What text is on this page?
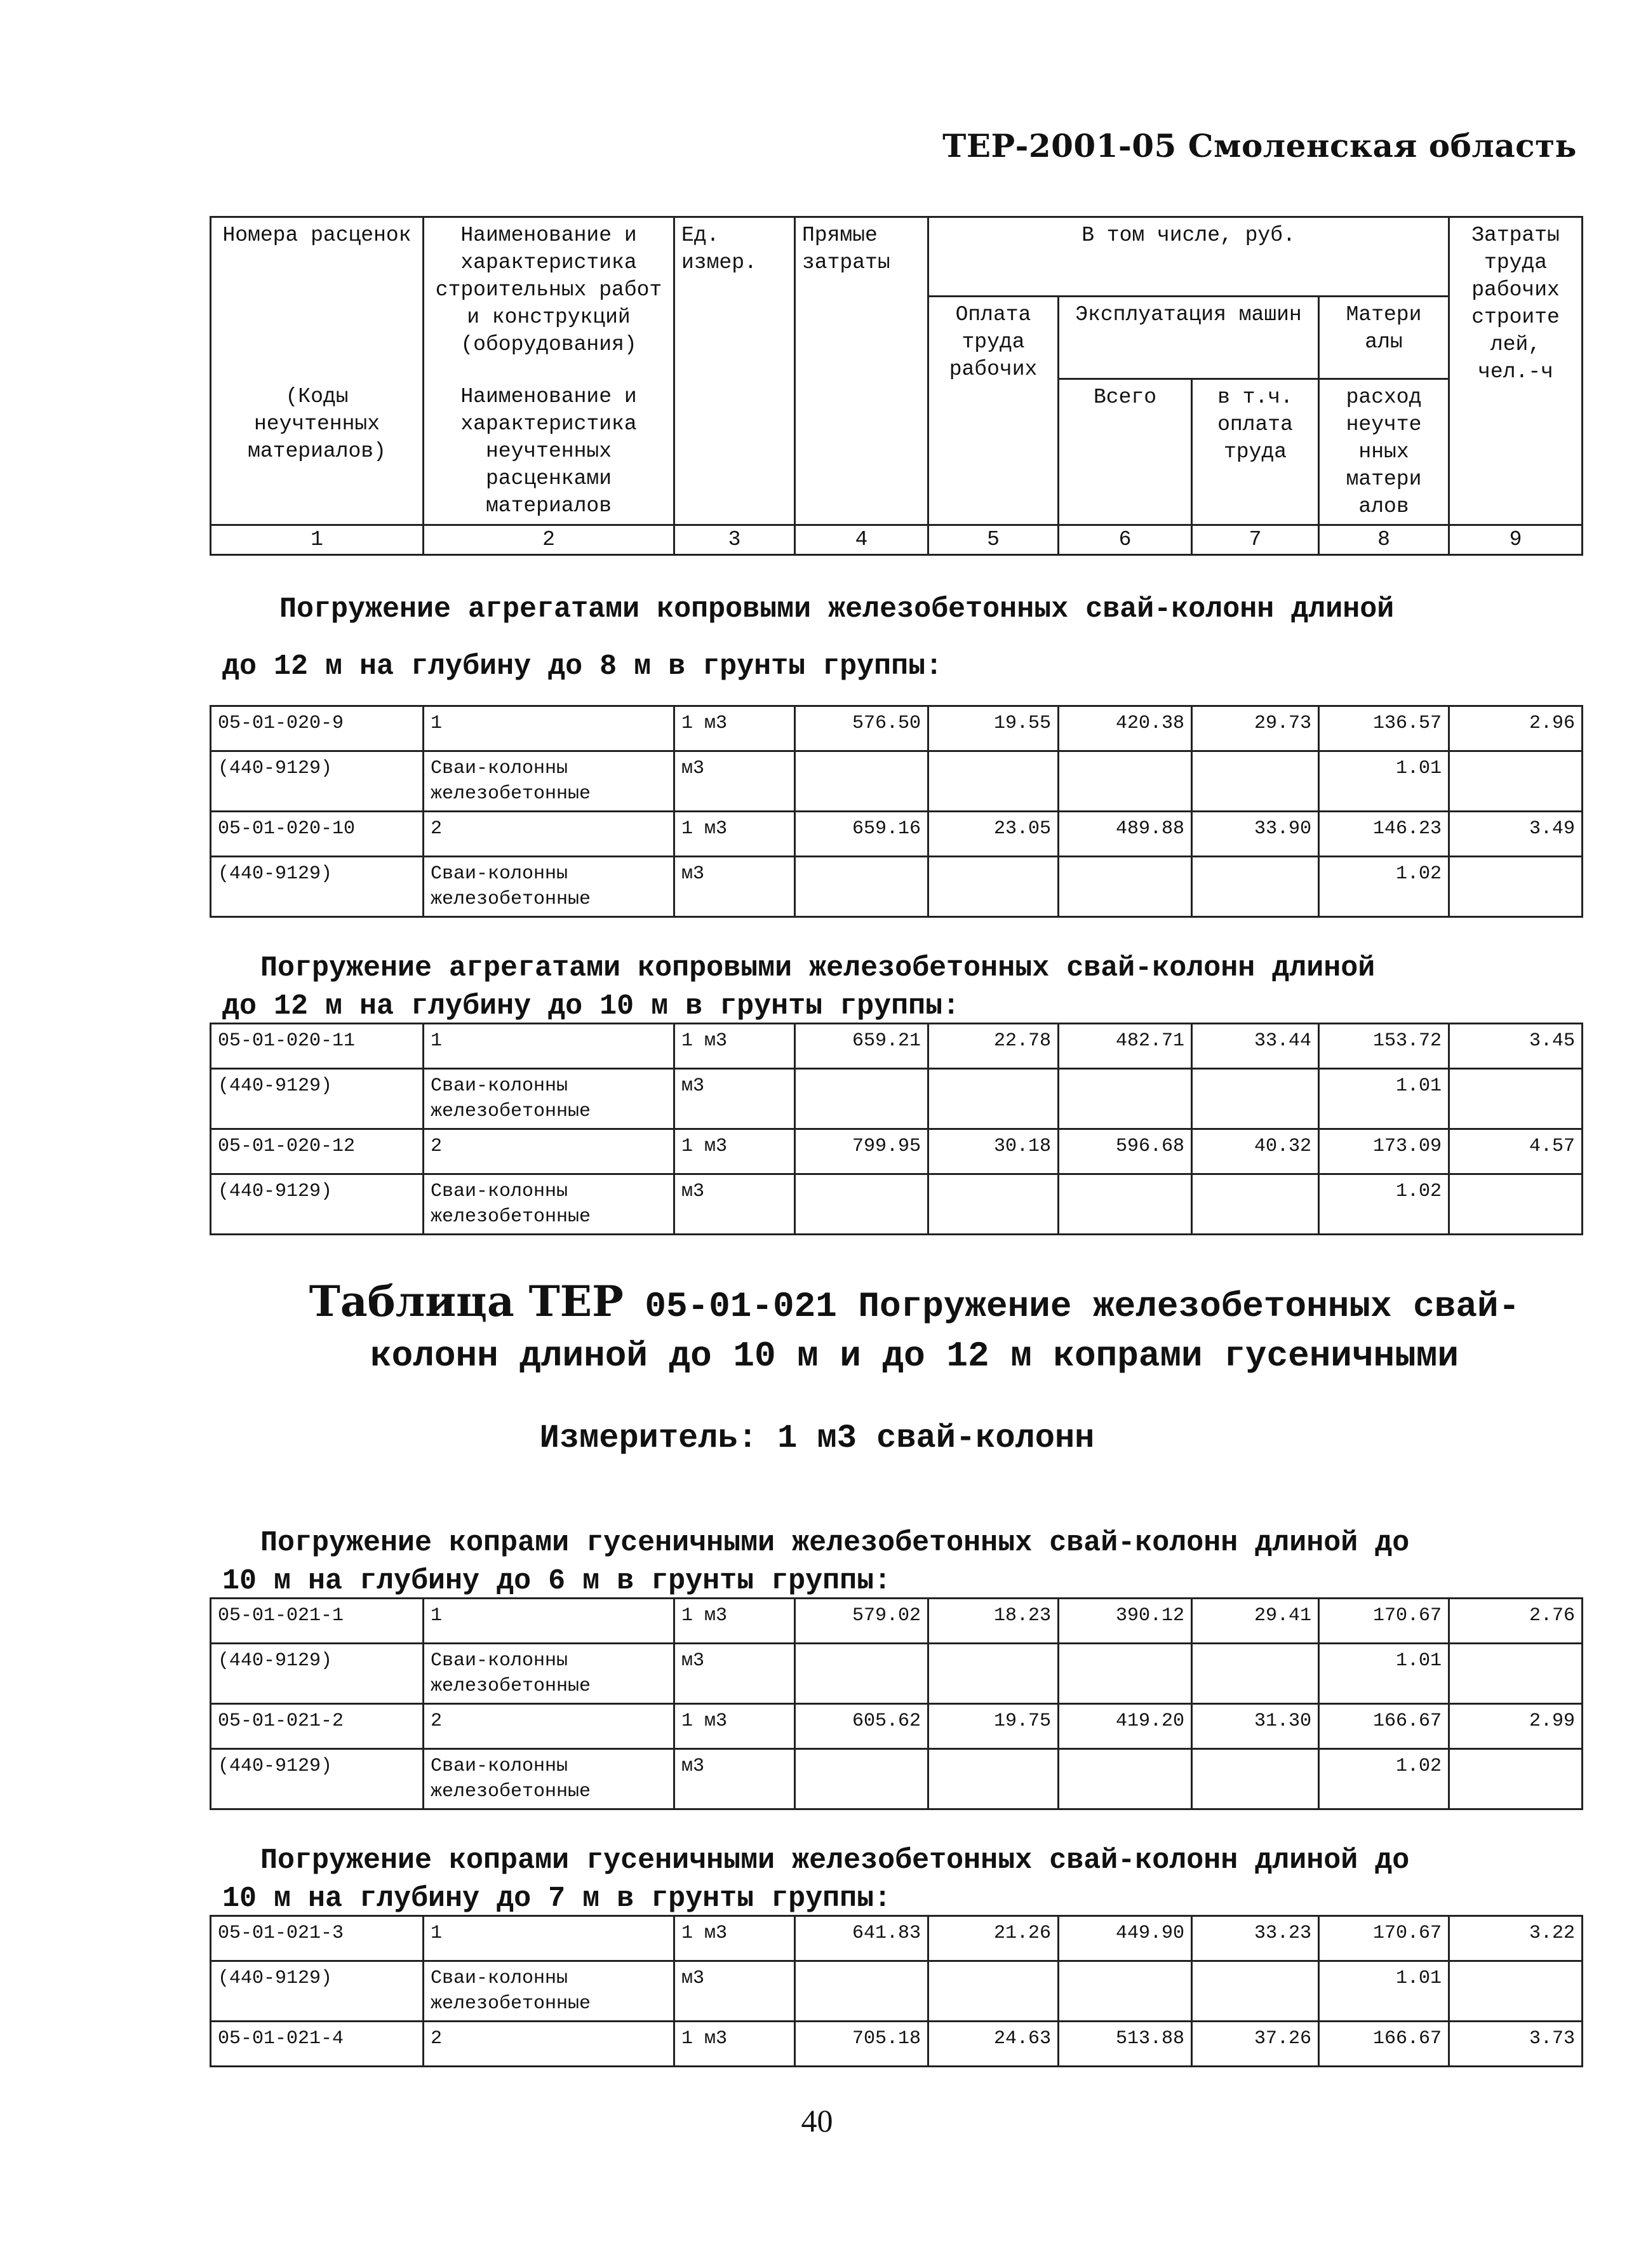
ТЕР-2001-05 Смоленская область
Номера расценок	Наименование и характеристика строительных работ и конструкций (оборудования)	Ед. измер.	Прямые затраты	В том числе, руб.				Затраты труда рабочих строите лей, чел.-ч
				Оплата труда рабочих	Эксплуатация машин		Матери алы	
(Коды неучтенных материалов)	Наименование и характеристика неучтенных расценками материалов				Всего	в т.ч. оплата труда	расход неучте нных матери алов	
1	2	3	4	5	6	7	8	9
Погружение агрегатами копровыми железобетонных свай-колонн длиной
до 12 м на глубину до 8 м в грунты группы:
05-01-020-9	1	1 м3	576.50	19.55	420.38	29.73	136.57	2.96
(440-9129)	Сваи-колонны железобетонные	м3					1.01	
05-01-020-10	2	1 м3	659.16	23.05	489.88	33.90	146.23	3.49
(440-9129)	Сваи-колонны железобетонные	м3					1.02	
Погружение агрегатами копровыми железобетонных свай-колонн длиной
до 12 м на глубину до 10 м в грунты группы:
05-01-020-11	1	1 м3	659.21	22.78	482.71	33.44	153.72	3.45
(440-9129)	Сваи-колонны железобетонные	м3					1.01	
05-01-020-12	2	1 м3	799.95	30.18	596.68	40.32	173.09	4.57
(440-9129)	Сваи-колонны железобетонные	м3					1.02	
Таблица ТЕР 05-01-021 Погружение железобетонных свай-
колонн длиной до 10 м и до 12 м копрами гусеничными
Измеритель: 1 м3 свай-колонн
Погружение копрами гусеничными железобетонных свай-колонн длиной до
10 м на глубину до 6 м в грунты группы:
05-01-021-1	1	1 м3	579.02	18.23	390.12	29.41	170.67	2.76
(440-9129)	Сваи-колонны железобетонные	м3					1.01	
05-01-021-2	2	1 м3	605.62	19.75	419.20	31.30	166.67	2.99
(440-9129)	Сваи-колонны железобетонные	м3					1.02	
Погружение копрами гусеничными железобетонных свай-колонн длиной до
10 м на глубину до 7 м в грунты группы:
05-01-021-3	1	1 м3	641.83	21.26	449.90	33.23	170.67	3.22
(440-9129)	Сваи-колонны железобетонные	м3					1.01	
05-01-021-4	2	1 м3	705.18	24.63	513.88	37.26	166.67	3.73
40
